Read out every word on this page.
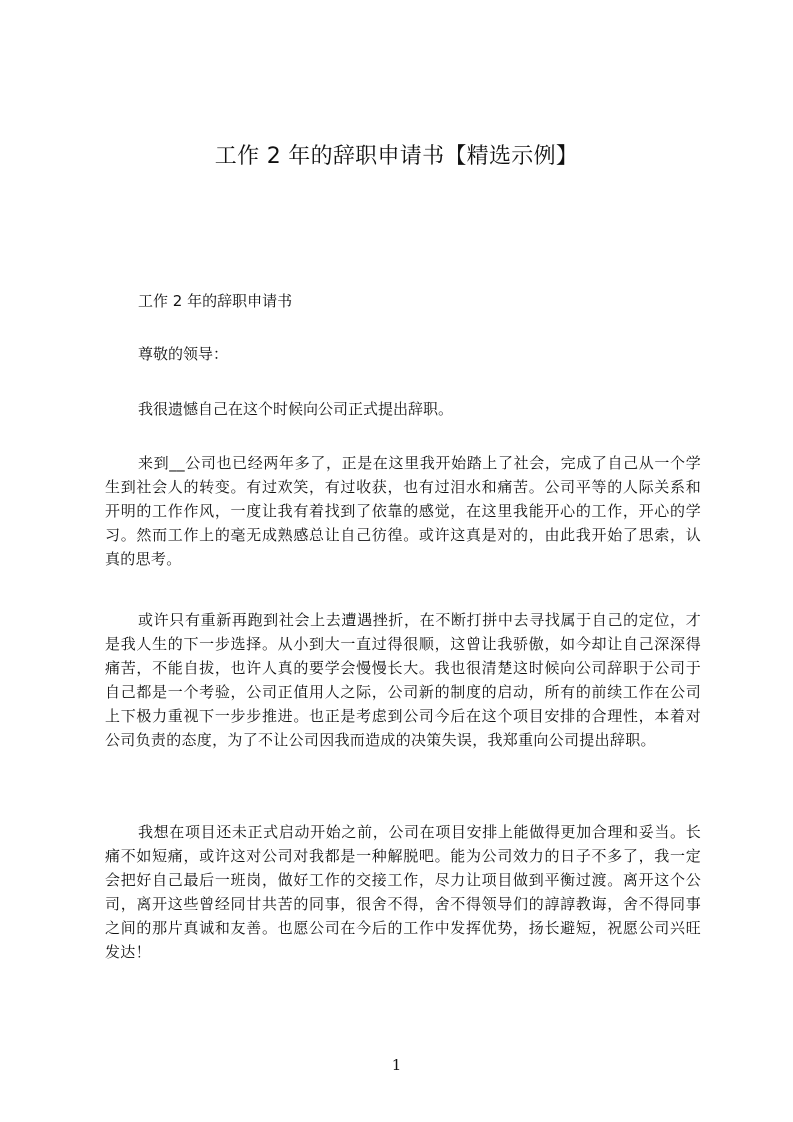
工作 2 年的辞职申请书【精选示例】
工作 2 年的辞职申请书
尊敬的领导：
我很遗憾自己在这个时候向公司正式提出辞职。
来到__公司也已经两年多了，正是在这里我开始踏上了社会，完成了自己从一个学生到社会人的转变。有过欢笑，有过收获，也有过泪水和痛苦。公司平等的人际关系和开明的工作作风，一度让我有着找到了依靠的感觉，在这里我能开心的工作，开心的学习。然而工作上的毫无成熟感总让自己彷徨。或许这真是对的，由此我开始了思索，认真的思考。
或许只有重新再跑到社会上去遭遇挫折，在不断打拼中去寻找属于自己的定位，才是我人生的下一步选择。从小到大一直过得很顺，这曾让我骄傲，如今却让自己深深得痛苦，不能自拔，也许人真的要学会慢慢长大。我也很清楚这时候向公司辞职于公司于自己都是一个考验，公司正值用人之际，公司新的制度的启动，所有的前续工作在公司上下极力重视下一步步推进。也正是考虑到公司今后在这个项目安排的合理性，本着对公司负责的态度，为了不让公司因我而造成的决策失误，我郑重向公司提出辞职。
我想在项目还未正式启动开始之前，公司在项目安排上能做得更加合理和妥当。长痛不如短痛，或许这对公司对我都是一种解脱吧。能为公司效力的日子不多了，我一定会把好自己最后一班岗，做好工作的交接工作，尽力让项目做到平衡过渡。离开这个公司，离开这些曾经同甘共苦的同事，很舍不得，舍不得领导们的諄諄教诲，舍不得同事之间的那片真诚和友善。也愿公司在今后的工作中发挥优势，扬长避短，祝愿公司兴旺发达！
1
